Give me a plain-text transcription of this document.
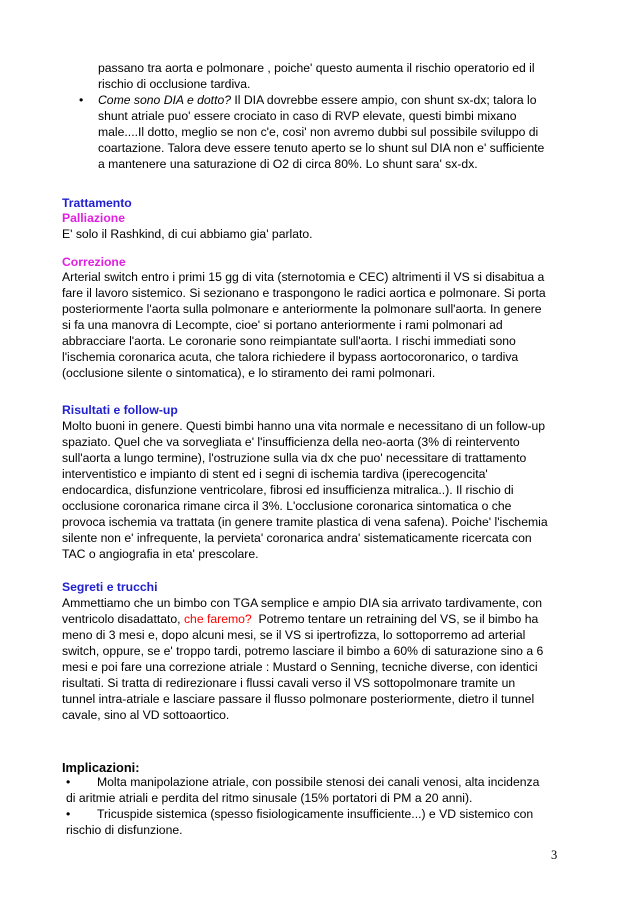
passano tra aorta e polmonare , poiche' questo aumenta il rischio operatorio ed il

rischio di occlusione tardiva.

• Come sono DIA e dotto? Il DIA dovrebbe essere ampio, con shunt sx-dx; talora lo

shunt atriale puo' essere crociato in caso di RVP elevate, questi bimbi mixano

male....Il dotto, meglio se non c'e, cosi' non avremo dubbi sul possibile sviluppo di

coartazione. Talora deve essere tenuto aperto se lo shunt sul DIA non e' sufficiente

a mantenere una saturazione di O2 di circa 80%. Lo shunt sara' sx-dx.

Trattamento

Palliazione

E' solo il Rashkind, di cui abbiamo gia' parlato.

Correzione

Arterial switch entro i primi 15 gg di vita (sternotomia e CEC) altrimenti il VS si disabitua a

fare il lavoro sistemico. Si sezionano e traspongono le radici aortica e polmonare. Si porta

posteriormente l'aorta sulla polmonare e anteriormente la polmonare sull'aorta. In genere

si fa una manovra di Lecompte, cioe' si portano anteriormente i rami polmonari ad

abbracciare l'aorta. Le coronarie sono reimpiantate sull'aorta. I rischi immediati sono

l'ischemia coronarica acuta, che talora richiedere il bypass aortocoronarico, o tardiva

(occlusione silente o sintomatica), e lo stiramento dei rami polmonari.

Risultati e follow-up

Molto buoni in genere. Questi bimbi hanno una vita normale e necessitano di un follow-up

spaziato. Quel che va sorvegliata e' l'insufficienza della neo-aorta (3% di reintervento

sull'aorta a lungo termine), l'ostruzione sulla via dx che puo' necessitare di trattamento

interventistico e impianto di stent ed i segni di ischemia tardiva (iperecogencita'

endocardica, disfunzione ventricolare, fibrosi ed insufficienza mitralica..). Il rischio di

occlusione coronarica rimane circa il 3%. L'occlusione coronarica sintomatica o che

provoca ischemia va trattata (in genere tramite plastica di vena safena). Poiche' l'ischemia

silente non e' infrequente, la pervieta' coronarica andra' sistematicamente ricercata con

TAC o angiografia in eta' prescolare.

Segreti e trucchi

Ammettiamo che un bimbo con TGA semplice e ampio DIA sia arrivato tardivamente, con

ventricolo disadattato, che faremo?  Potremo tentare un retraining del VS, se il bimbo ha

meno di 3 mesi e, dopo alcuni mesi, se il VS si ipertrofizza, lo sottoporremo ad arterial

switch, oppure, se e' troppo tardi, potremo lasciare il bimbo a 60% di saturazione sino a 6

mesi e poi fare una correzione atriale : Mustard o Senning, tecniche diverse, con identici

risultati. Si tratta di redirezionare i flussi cavali verso il VS sottopolmonare tramite un

tunnel intra-atriale e lasciare passare il flusso polmonare posteriormente, dietro il tunnel

cavale, sino al VD sottoaortico.

Implicazioni:

• Molta manipolazione atriale, con possibile stenosi dei canali venosi, alta incidenza

di aritmie atriali e perdita del ritmo sinusale (15% portatori di PM a 20 anni).

• Tricuspide sistemica (spesso fisiologicamente insufficiente...) e VD sistemico con

rischio di disfunzione.

3
